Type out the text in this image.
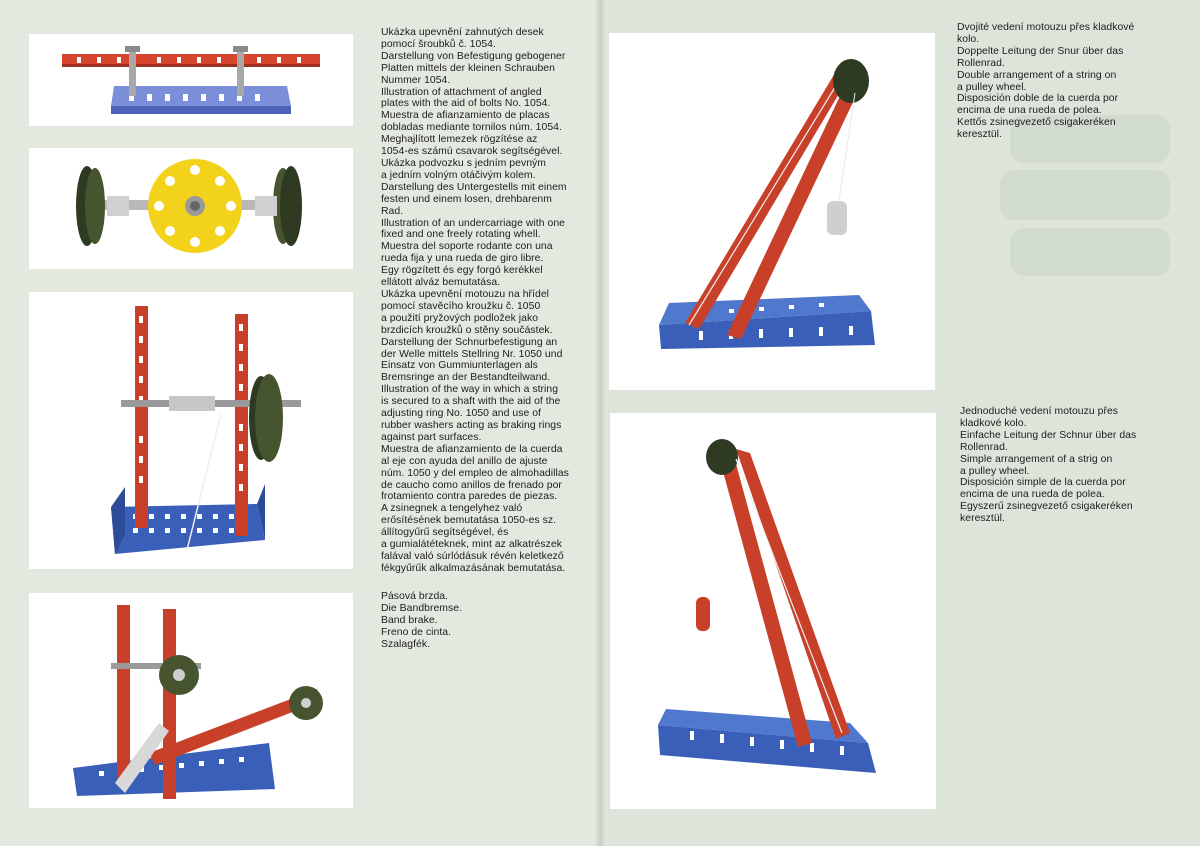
Ukázka upevnění zahnutých desek

pomocí šroubků č. 1054.

Darstellung von Befestigung gebogener

Platten mittels der kleinen Schrauben

Nummer 1054.

Illustration of attachment of angled

plates with the aid of bolts No. 1054.

Muestra de afianzamiento de placas

dobladas mediante tornilos núm. 1054.

Meghajlított lemezek rögzítése az

1054-es számú csavarok segítségével.

Ukázka podvozku s jedním pevným

a jedním volným otáčivým kolem.

Darstellung des Untergestells mit einem

festen und einem losen, drehbarenm

Rad.

Illustration of an undercarriage with one

fixed and one freely rotating whell.

Muestra del soporte rodante con una

rueda fija y una rueda de giro libre.

Egy rögzített és egy forgó kerékkel

ellátott alváz bemutatása.

Ukázka upevnění motouzu na hřídel

pomocí stavěcího kroužku č. 1050

a použití pryžových podložek jako

brzdicích kroužků o stěny součástek.

Darstellung der Schnurbefestigung an

der Welle mittels Stellring Nr. 1050 und

Einsatz von Gummiunterlagen als

Bremsringe an der Bestandteilwand.

Illustration of the way in which a string

is secured to a shaft with the aid of the

adjusting ring No. 1050 and use of

rubber washers acting as braking rings

against part surfaces.

Muestra de afianzamiento de la cuerda

al eje con ayuda del anillo de ajuste

núm. 1050 y del empleo de almohadillas

de caucho como anillos de frenado por

frotamiento contra paredes de piezas.

A zsinegnek a tengelyhez való

erősítésének bemutatása 1050-es sz.

állítogyűrű segítségével, és

a gumialátéteknek, mint az alkatrészek

falával való súrlódásuk révén keletkező

fékgyűrűk alkalmazásának bemutatása.

Pásová brzda.

Die Bandbremse.

Band brake.

Freno de cinta.

Szalagfék.

Dvojité vedení motouzu přes kladkové

kolo.

Doppelte Leitung der Snur über das

Rollenrad.

Double arrangement of a string on

a pulley wheel.

Disposición doble de la cuerda por

encima de una rueda de polea.

Kettős zsinegvezető csigakeréken

keresztül.

Jednoduché vedení motouzu přes

kladkové kolo.

Einfache Leitung der Schnur über das

Rollenrad.

Simple arrangement of a strig on

a pulley wheel.

Disposición simple de la cuerda por

encima de una rueda de polea.

Egyszerű zsinegvezető csigakeréken

keresztül.
